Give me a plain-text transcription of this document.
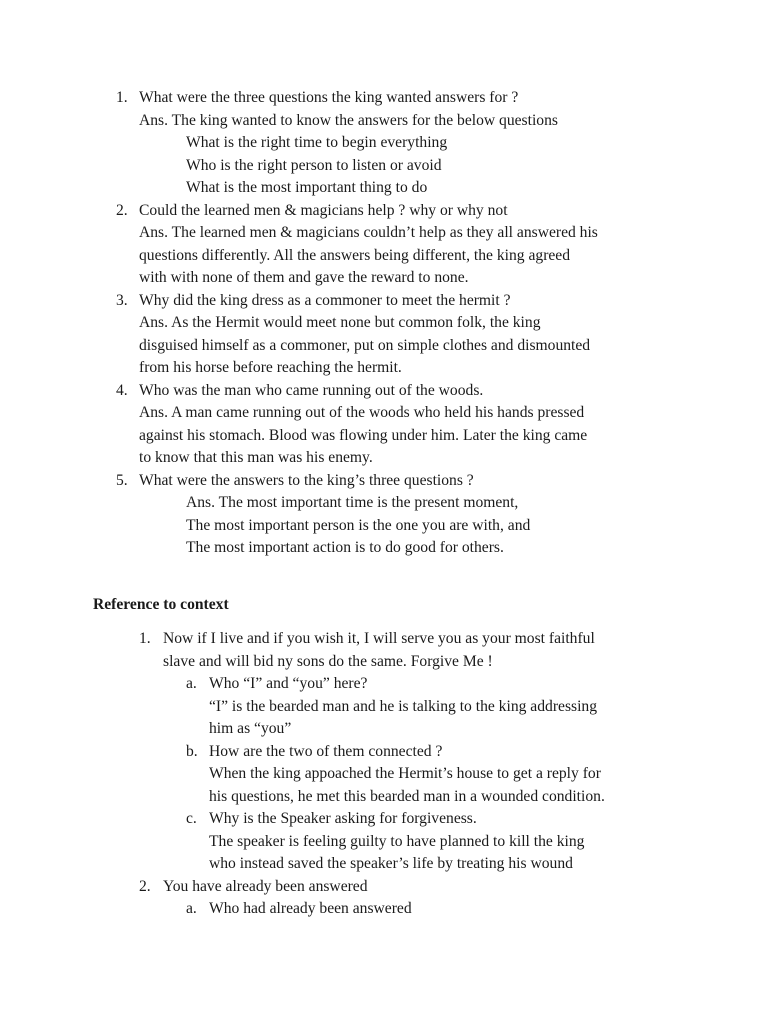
1. What were the three questions the king wanted answers for ?
Ans. The king wanted to know the answers for the below questions
What is the right time to begin everything
Who is the right person to listen or avoid
What is the most important thing to do
2. Could the learned men & magicians help ? why or why not
Ans. The learned men & magicians couldn’t help as they all answered his
questions differently. All the answers being different, the king agreed
with with none of them and gave the reward to none.
3. Why did the king dress as a commoner to meet the hermit ?
Ans. As the Hermit would meet none but common folk, the king
disguised himself as a commoner, put on simple clothes and dismounted
from his horse before reaching the hermit.
4. Who was the man who came running out of the woods.
Ans. A man came running out of the woods who held his hands pressed
against his stomach. Blood was flowing under him. Later the king came
to know that this man was his enemy.
5. What were the answers to the king’s three questions ?
Ans. The most important time is the present moment,
The most important person is the one you are with, and
The most important action is to do good for others.
Reference to context
1. Now if I live and if you wish it, I will serve you as your most faithful
slave and will bid ny sons do the same. Forgive Me !
a. Who “I” and “you” here?
“I” is the bearded man and he is talking to the king addressing
him as “you”
b. How are the two of them connected ?
When the king appoached the Hermit’s house to get a reply for
his questions, he met this bearded man in a wounded condition.
c. Why is the Speaker asking for forgiveness.
The speaker is feeling guilty to have planned to kill the king
who instead saved the speaker’s life by treating his wound
2. You have already been answered
a. Who had already been answered
